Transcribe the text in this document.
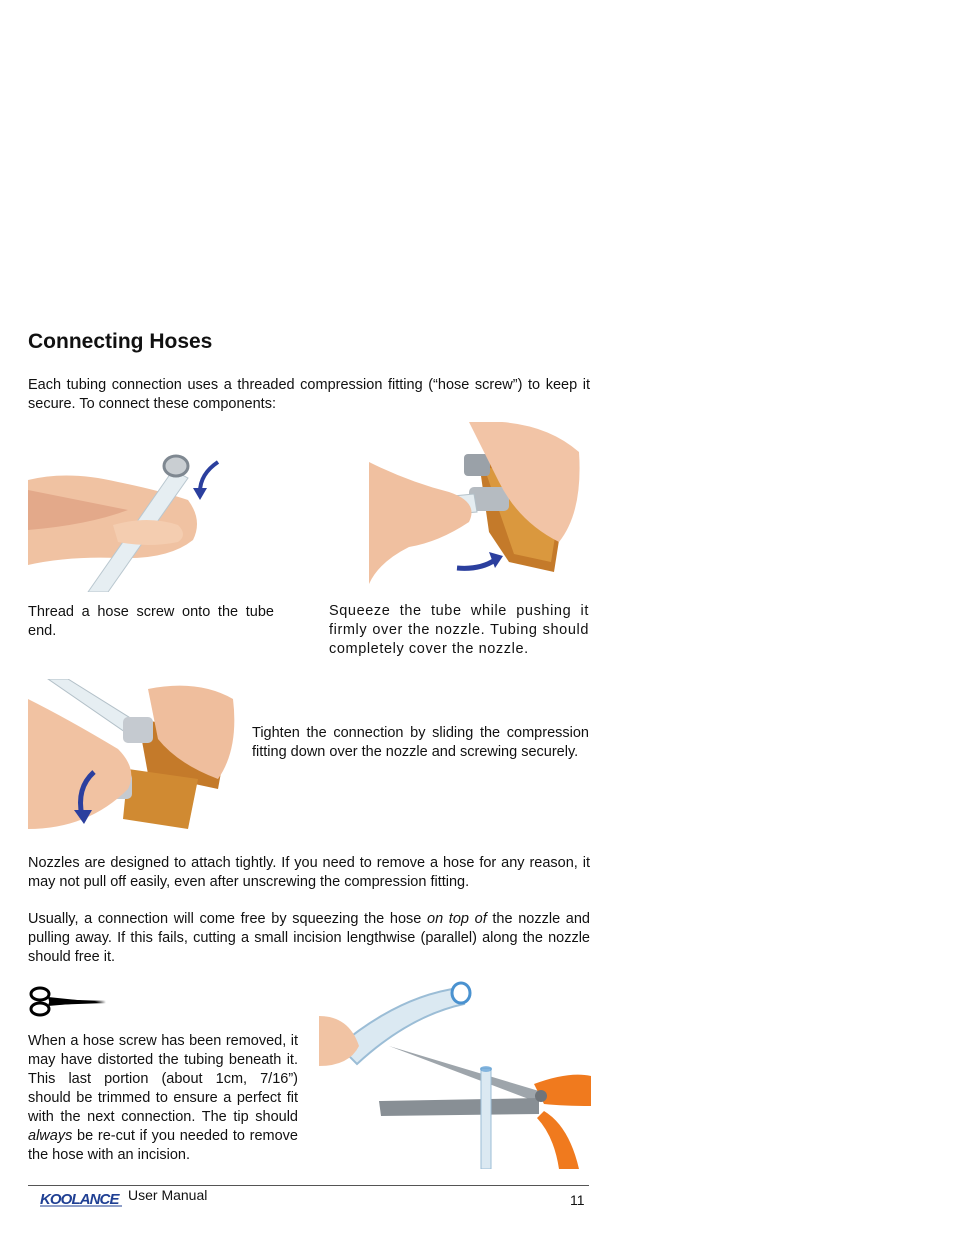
Connecting Hoses

Each tubing connection uses a threaded compression fitting (“hose screw”) to keep it secure. To connect these components:

Thread a hose screw onto the tube end.

Squeeze the tube while pushing it firmly over the nozzle. Tubing should completely cover the nozzle.

Tighten the connection by sliding the compression fitting down over the nozzle and screwing securely.

Nozzles are designed to attach tightly. If you need to remove a hose for any reason, it may not pull off easily, even after unscrewing the compression fitting.

Usually, a connection will come free by squeezing the hose on top of the nozzle and pulling away. If this fails, cutting a small incision lengthwise (parallel) along the nozzle should free it.

When a hose screw has been removed, it may have distorted the tubing beneath it. This last portion (about 1cm, 7/16”) should be trimmed to ensure a perfect fit with the next connection. The tip should always be re-cut if you needed to remove the hose with an incision.

KOOLANCE User Manual	11
